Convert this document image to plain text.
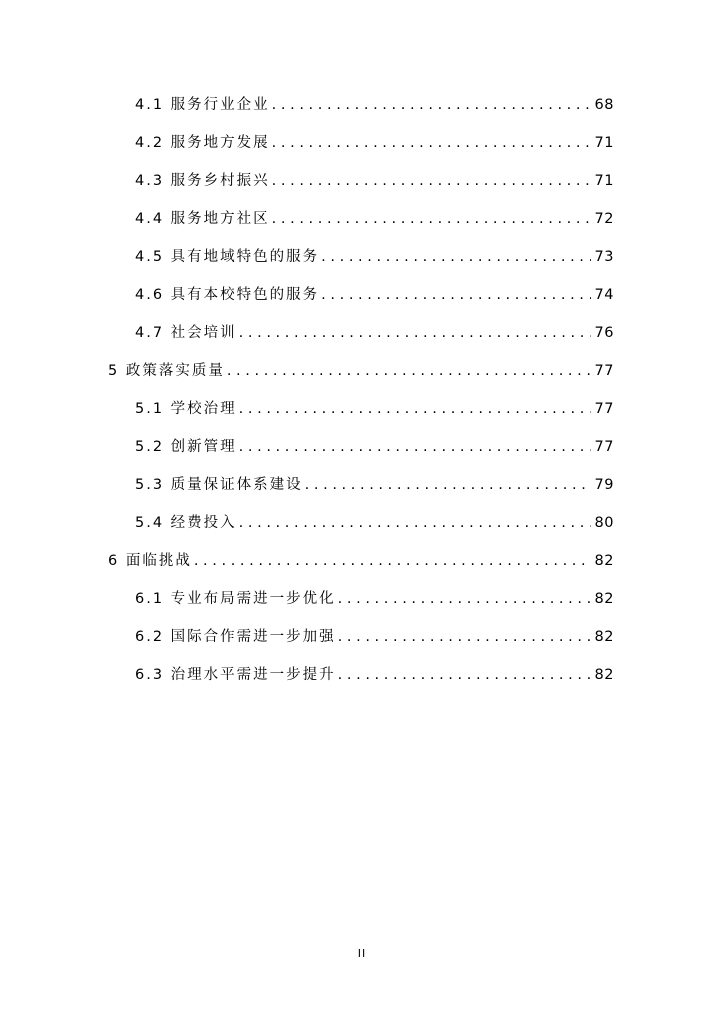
4.1 服务行业企业 . . .	68
4.2 服务地方发展 . . .	71
4.3 服务乡村振兴 . . .	71
4.4 服务地方社区 . . .	72
4.5 具有地域特色的服务 . . .	73
4.6 具有本校特色的服务 . . .	74
4.7 社会培训 . . .	76
5 政策落实质量 . . .	77
5.1 学校治理 . . .	77
5.2 创新管理 . . .	77
5.3 质量保证体系建设 . . .	79
5.4 经费投入 . . .	80
6 面临挑战 . . .	82
6.1 专业布局需进一步优化 . . .	82
6.2 国际合作需进一步加强 . . .	82
6.3 治理水平需进一步提升 . . .	82
II
